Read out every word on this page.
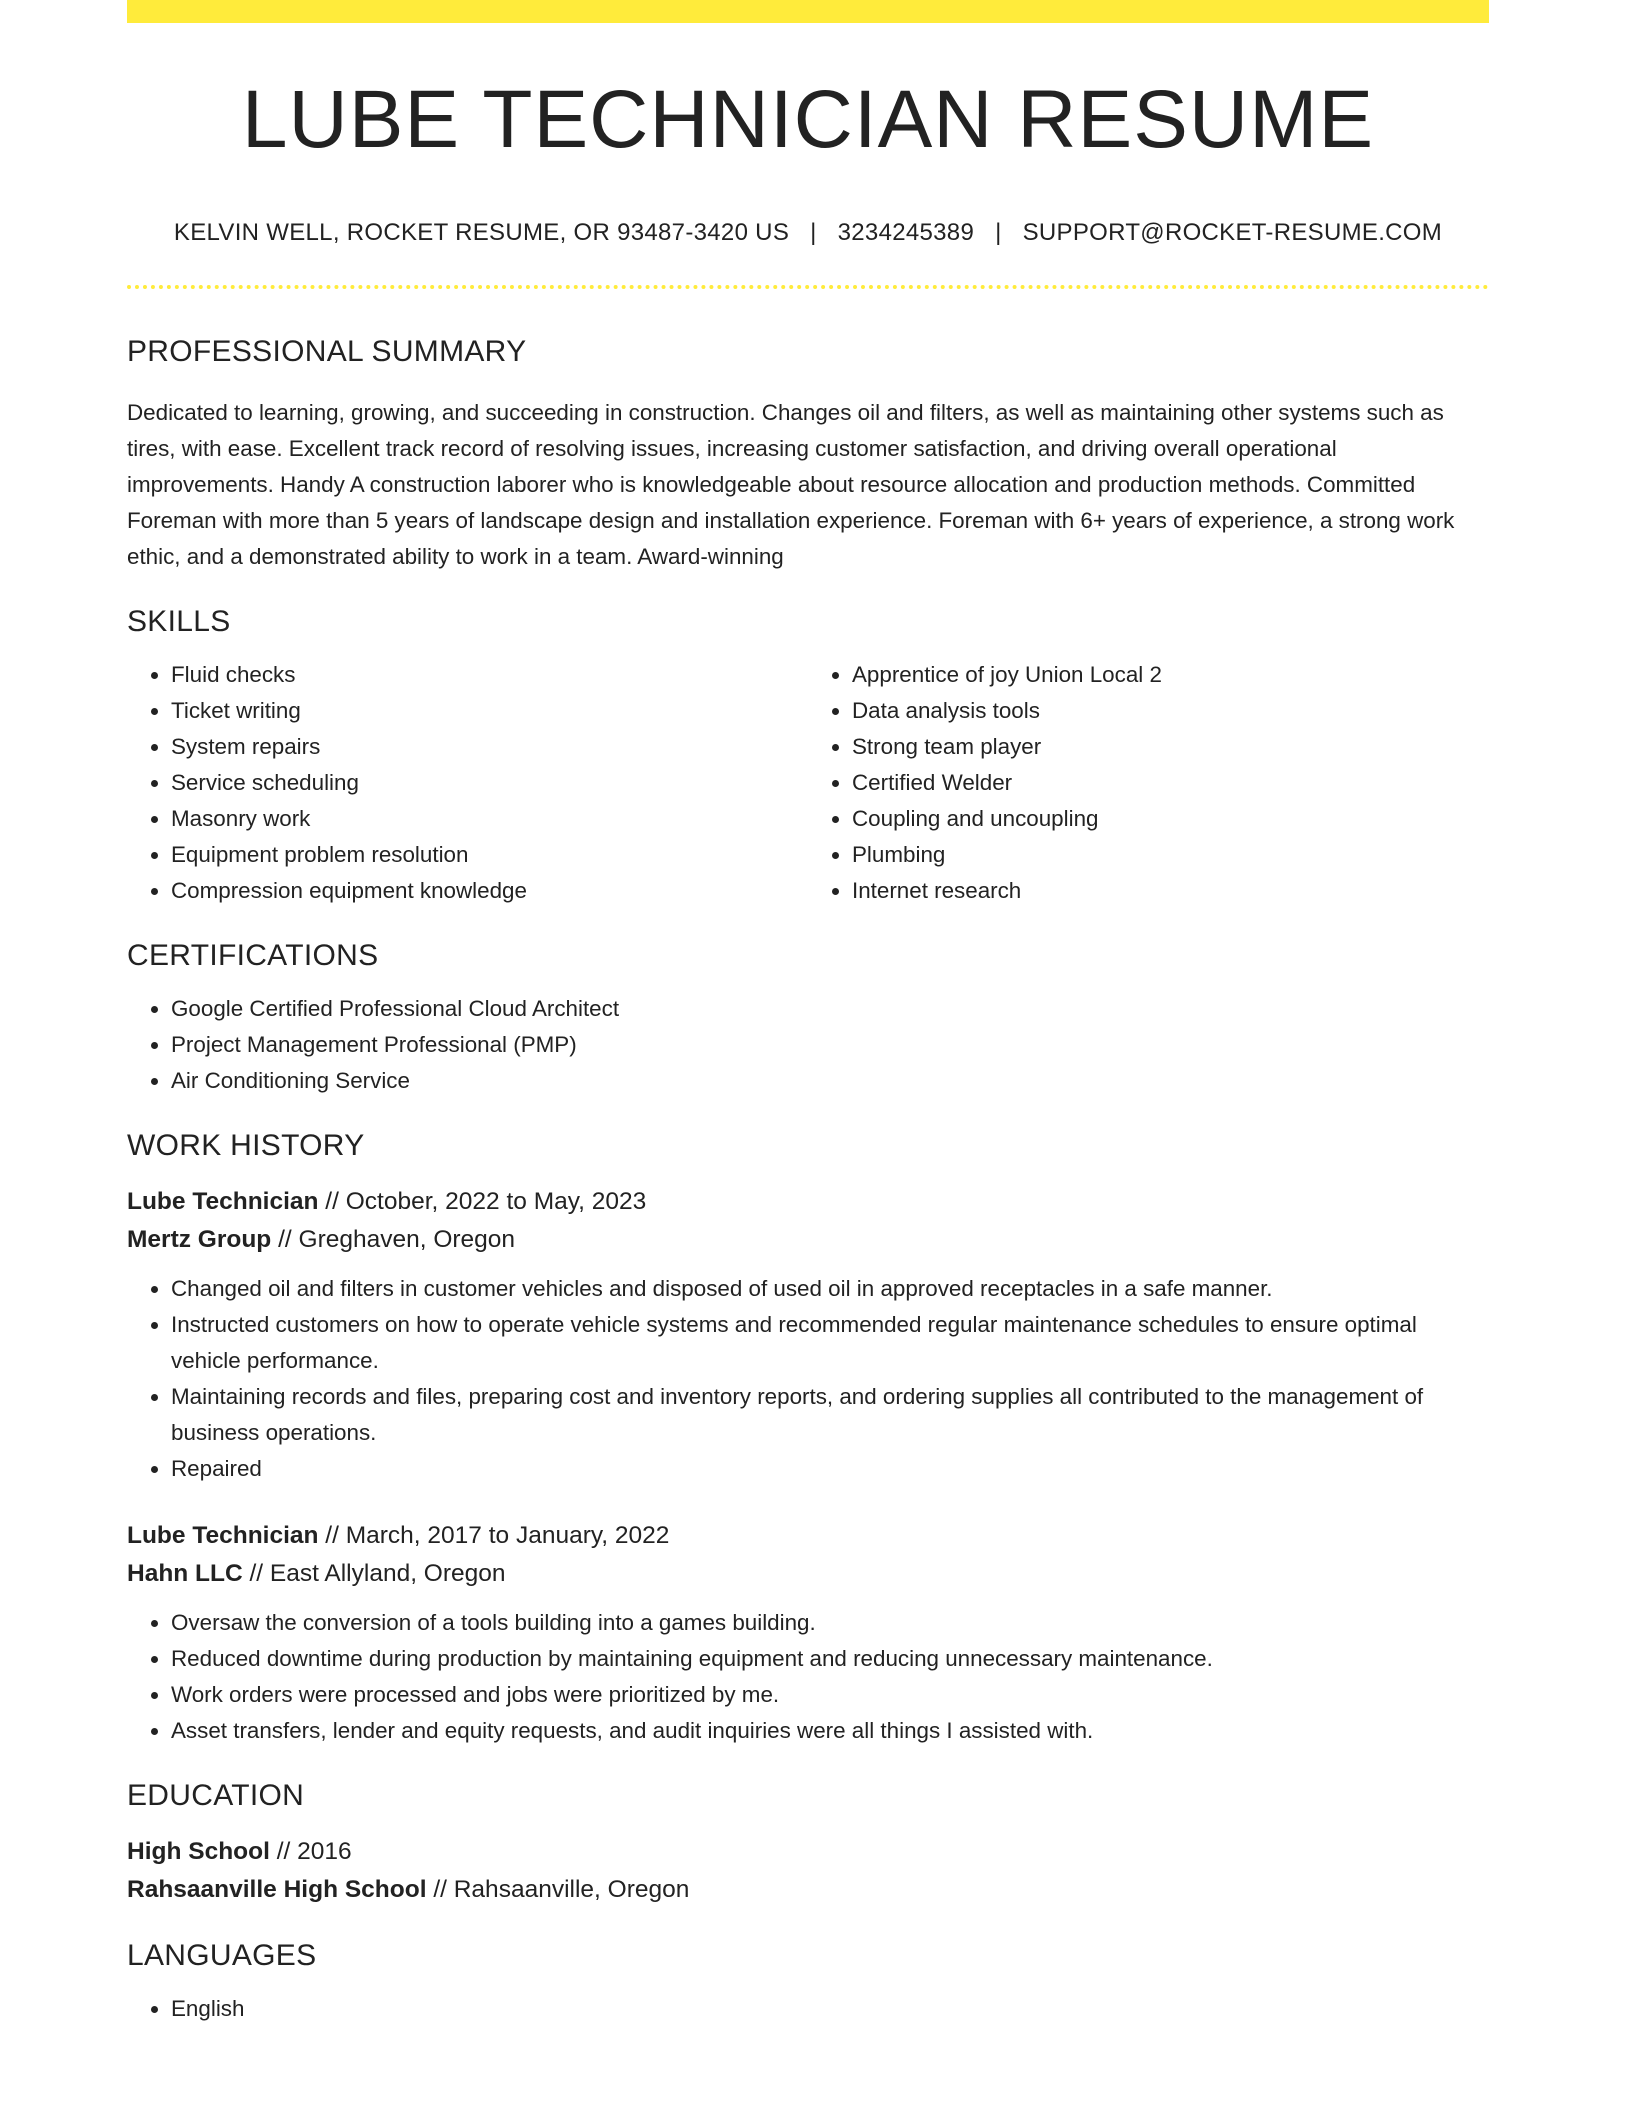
LUBE TECHNICIAN RESUME
KELVIN WELL, ROCKET RESUME, OR 93487-3420 US | 3234245389 | SUPPORT@ROCKET-RESUME.COM
PROFESSIONAL SUMMARY

Dedicated to learning, growing, and succeeding in construction. Changes oil and filters, as well as maintaining other systems such as tires, with ease. Excellent track record of resolving issues, increasing customer satisfaction, and driving overall operational improvements. Handy A construction laborer who is knowledgeable about resource allocation and production methods. Committed Foreman with more than 5 years of landscape design and installation experience. Foreman with 6+ years of experience, a strong work ethic, and a demonstrated ability to work in a team. Award-winning

SKILLS
• Fluid checks
• Ticket writing
• System repairs
• Service scheduling
• Masonry work
• Equipment problem resolution
• Compression equipment knowledge
• Apprentice of joy Union Local 2
• Data analysis tools
• Strong team player
• Certified Welder
• Coupling and uncoupling
• Plumbing
• Internet research
CERTIFICATIONS
• Google Certified Professional Cloud Architect
• Project Management Professional (PMP)
• Air Conditioning Service
WORK HISTORY
Lube Technician // October, 2022 to May, 2023
Mertz Group // Greghaven, Oregon
• Changed oil and filters in customer vehicles and disposed of used oil in approved receptacles in a safe manner.
• Instructed customers on how to operate vehicle systems and recommended regular maintenance schedules to ensure optimal vehicle performance.
• Maintaining records and files, preparing cost and inventory reports, and ordering supplies all contributed to the management of business operations.
• Repaired
Lube Technician // March, 2017 to January, 2022
Hahn LLC // East Allyland, Oregon
• Oversaw the conversion of a tools building into a games building.
• Reduced downtime during production by maintaining equipment and reducing unnecessary maintenance.
• Work orders were processed and jobs were prioritized by me.
• Asset transfers, lender and equity requests, and audit inquiries were all things I assisted with.
EDUCATION
High School // 2016
Rahsaanville High School // Rahsaanville, Oregon
LANGUAGES
• English
